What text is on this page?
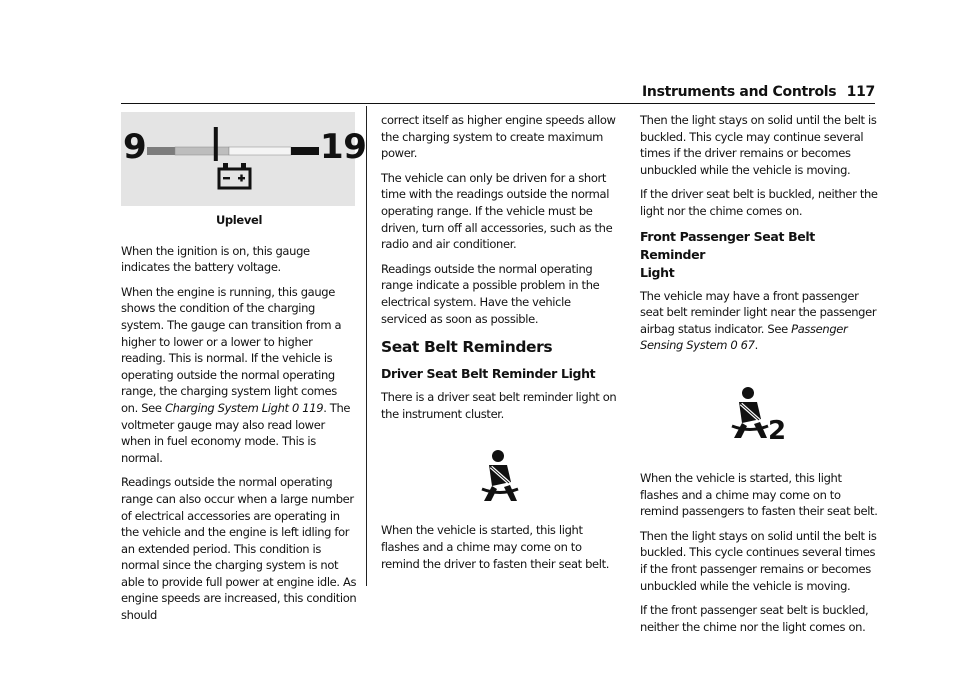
Instruments and Controls 117
9	19
Uplevel

When the ignition is on, this gauge indicates the battery voltage.

When the engine is running, this gauge shows the condition of the charging system. The gauge can transition from a higher to lower or a lower to higher reading. This is normal. If the vehicle is operating outside the normal operating range, the charging system light comes on. See Charging System Light 0 119. The voltmeter gauge may also read lower when in fuel economy mode. This is normal.

Readings outside the normal operating range can also occur when a large number of electrical accessories are operating in the vehicle and the engine is left idling for an extended period. This condition is normal since the charging system is not able to provide full power at engine idle. As engine speeds are increased, this condition should

correct itself as higher engine speeds allow the charging system to create maximum power.

The vehicle can only be driven for a short time with the readings outside the normal operating range. If the vehicle must be driven, turn off all accessories, such as the radio and air conditioner.

Readings outside the normal operating range indicate a possible problem in the electrical system. Have the vehicle serviced as soon as possible.

Seat Belt Reminders
Driver Seat Belt Reminder Light

There is a driver seat belt reminder light on the instrument cluster.

When the vehicle is started, this light flashes and a chime may come on to remind the driver to fasten their seat belt.

Then the light stays on solid until the belt is buckled. This cycle may continue several times if the driver remains or becomes unbuckled while the vehicle is moving.

If the driver seat belt is buckled, neither the light nor the chime comes on.

Front Passenger Seat Belt Reminder
Light

The vehicle may have a front passenger seat belt reminder light near the passenger airbag status indicator. See Passenger Sensing System 0 67.

2

When the vehicle is started, this light flashes and a chime may come on to remind passengers to fasten their seat belt.

Then the light stays on solid until the belt is buckled. This cycle continues several times if the front passenger remains or becomes unbuckled while the vehicle is moving.

If the front passenger seat belt is buckled, neither the chime nor the light comes on.
